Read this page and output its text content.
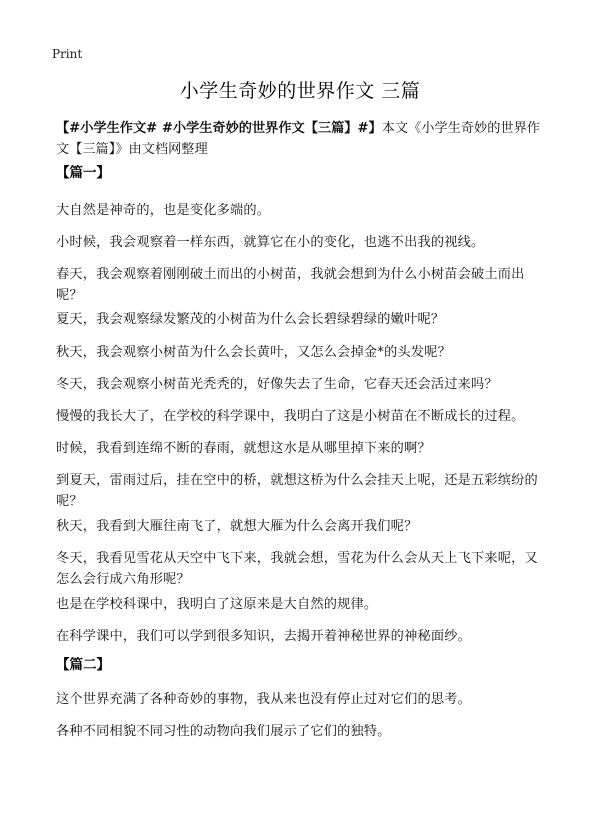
Print
小学生奇妙的世界作文 三篇
【#小学生作文# #小学生奇妙的世界作文【三篇】#】本文《小学生奇妙的世界作文【三篇】》由文档网整理
【篇一】
大自然是神奇的，也是变化多端的。
小时候，我会观察着一样东西，就算它在小的变化，也逃不出我的视线。
春天，我会观察着刚刚破土而出的小树苗，我就会想到为什么小树苗会破土而出呢？
夏天，我会观察绿发繁茂的小树苗为什么会长碧绿碧绿的嫩叶呢？
秋天，我会观察小树苗为什么会长黄叶，又怎么会掉金*的头发呢？
冬天，我会观察小树苗光秃秃的，好像失去了生命，它春天还会活过来吗？
慢慢的我长大了，在学校的科学课中，我明白了这是小树苗在不断成长的过程。
时候，我看到连绵不断的春雨，就想这水是从哪里掉下来的啊？
到夏天，雷雨过后，挂在空中的桥，就想这桥为什么会挂天上呢，还是五彩缤纷的呢？
秋天，我看到大雁往南飞了，就想大雁为什么会离开我们呢？
冬天，我看见雪花从天空中飞下来，我就会想，雪花为什么会从天上飞下来呢，又怎么会行成六角形呢？
也是在学校科课中，我明白了这原来是大自然的规律。
在科学课中，我们可以学到很多知识，去揭开着神秘世界的神秘面纱。
【篇二】
这个世界充满了各种奇妙的事物，我从来也没有停止过对它们的思考。
各种不同相貌不同习性的动物向我们展示了它们的独特。
